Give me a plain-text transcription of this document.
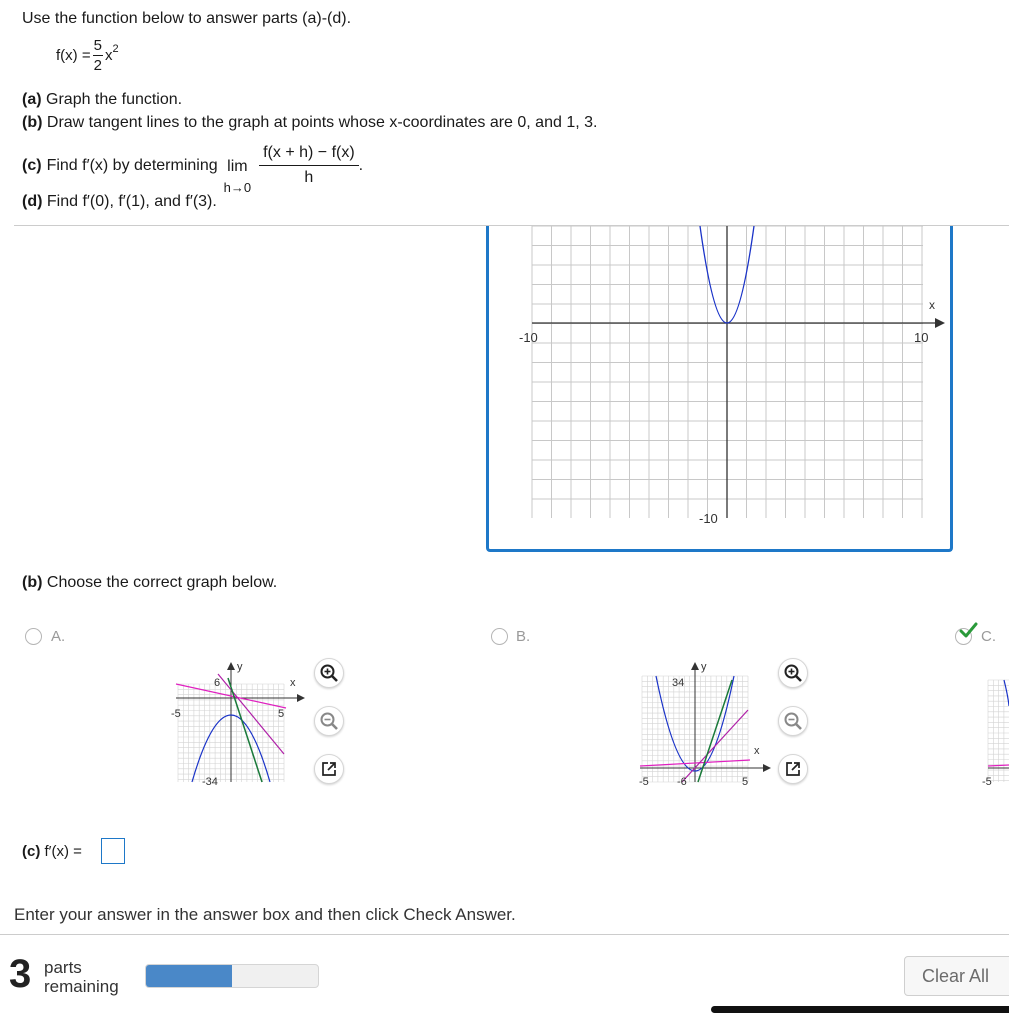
Use the function below to answer parts (a)-(d).
$f(x) = \frac{5}{2}$ x 2
(a) Graph the function.
(b) Draw tangent lines to the graph at points whose x-coordinates are 0, and 1, 3.
(c) Find f′(x) by determining lim
h→0
$\frac{f(x + h) - f(x)}{h}$ .
(d) Find f′(0), f′(1), and f′(3).
x
-10	10
-10
(b) Choose the correct graph below.
A.
y
x
6
-5	5
-34
B.
y
x
34
-5	5
-6
C.
-5
(c) f′(x) =
Enter your answer in the answer box and then click Check Answer.
3 parts
remaining
Clear All
